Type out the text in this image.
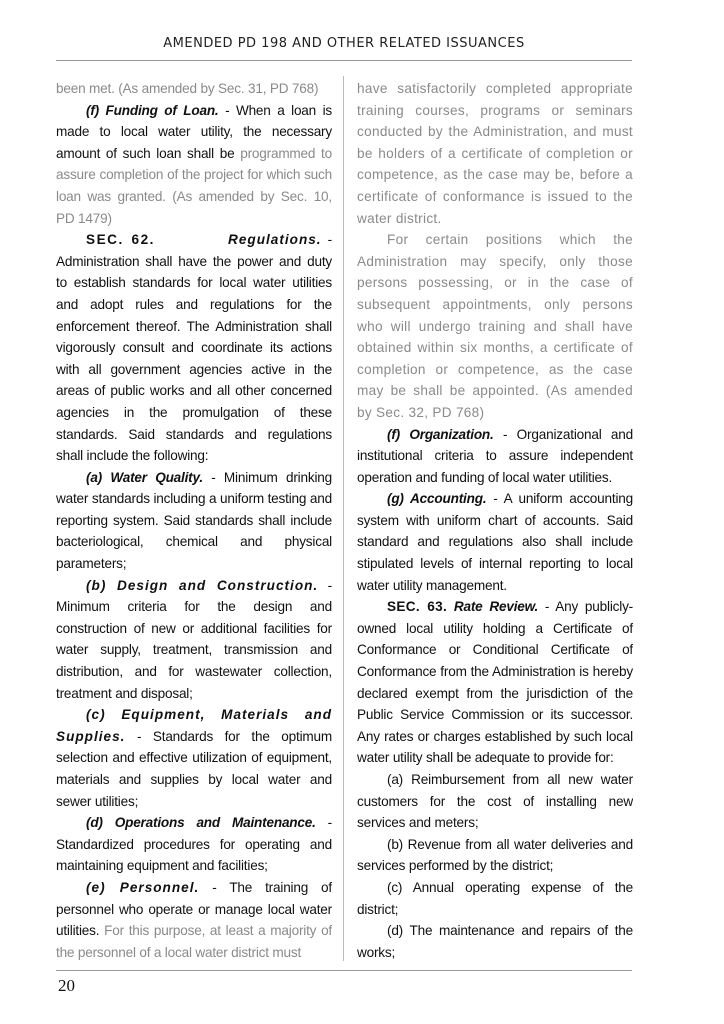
AMENDED PD 198 AND OTHER RELATED ISSUANCES

been met. (As amended by Sec. 31, PD 768)

(f) Funding of Loan. - When a loan is made to local water utility, the necessary amount of such loan shall be programmed to assure completion of the project for which such loan was granted. (As amended by Sec. 10, PD 1479)

SEC. 62.	Regulations. - Administration shall have the power and duty to establish standards for local water utilities and adopt rules and regulations for the enforcement thereof. The Administration shall vigorously consult and coordinate its actions with all government agencies active in the areas of public works and all other concerned agencies in the promulgation of these standards. Said standards and regulations shall include the following:

(a) Water Quality. - Minimum drinking water standards including a uniform testing and reporting system. Said standards shall include bacteriological, chemical and physical parameters;

(b) Design and Construction. - Minimum criteria for the design and construction of new or additional facilities for water supply, treatment, transmission and distribution, and for wastewater collection, treatment and disposal;

(c) Equipment, Materials and Supplies. - Standards for the optimum selection and effective utilization of equipment, materials and supplies by local water and sewer utilities;

(d) Operations and Maintenance. - Standardized procedures for operating and maintaining equipment and facilities;

(e) Personnel. - The training of personnel who operate or manage local water utilities. For this purpose, at least a majority of the personnel of a local water district must

have satisfactorily completed appropriate training courses, programs or seminars conducted by the Administration, and must be holders of a certificate of completion or competence, as the case may be, before a certificate of conformance is issued to the water district.

For certain positions which the Administration may specify, only those persons possessing, or in the case of subsequent appointments, only persons who will undergo training and shall have obtained within six months, a certificate of completion or competence, as the case may be shall be appointed. (As amended by Sec. 32, PD 768)

(f) Organization. - Organizational and institutional criteria to assure independent operation and funding of local water utilities.

(g) Accounting. - A uniform accounting system with uniform chart of accounts. Said standard and regulations also shall include stipulated levels of internal reporting to local water utility management.

SEC. 63. Rate Review. - Any publicly-owned local utility holding a Certificate of Conformance or Conditional Certificate of Conformance from the Administration is hereby declared exempt from the jurisdiction of the Public Service Commission or its successor. Any rates or charges established by such local water utility shall be adequate to provide for:

(a) Reimbursement from all new water customers for the cost of installing new services and meters;

(b) Revenue from all water deliveries and services performed by the district;

(c) Annual operating expense of the district;

(d) The maintenance and repairs of the works;

20
